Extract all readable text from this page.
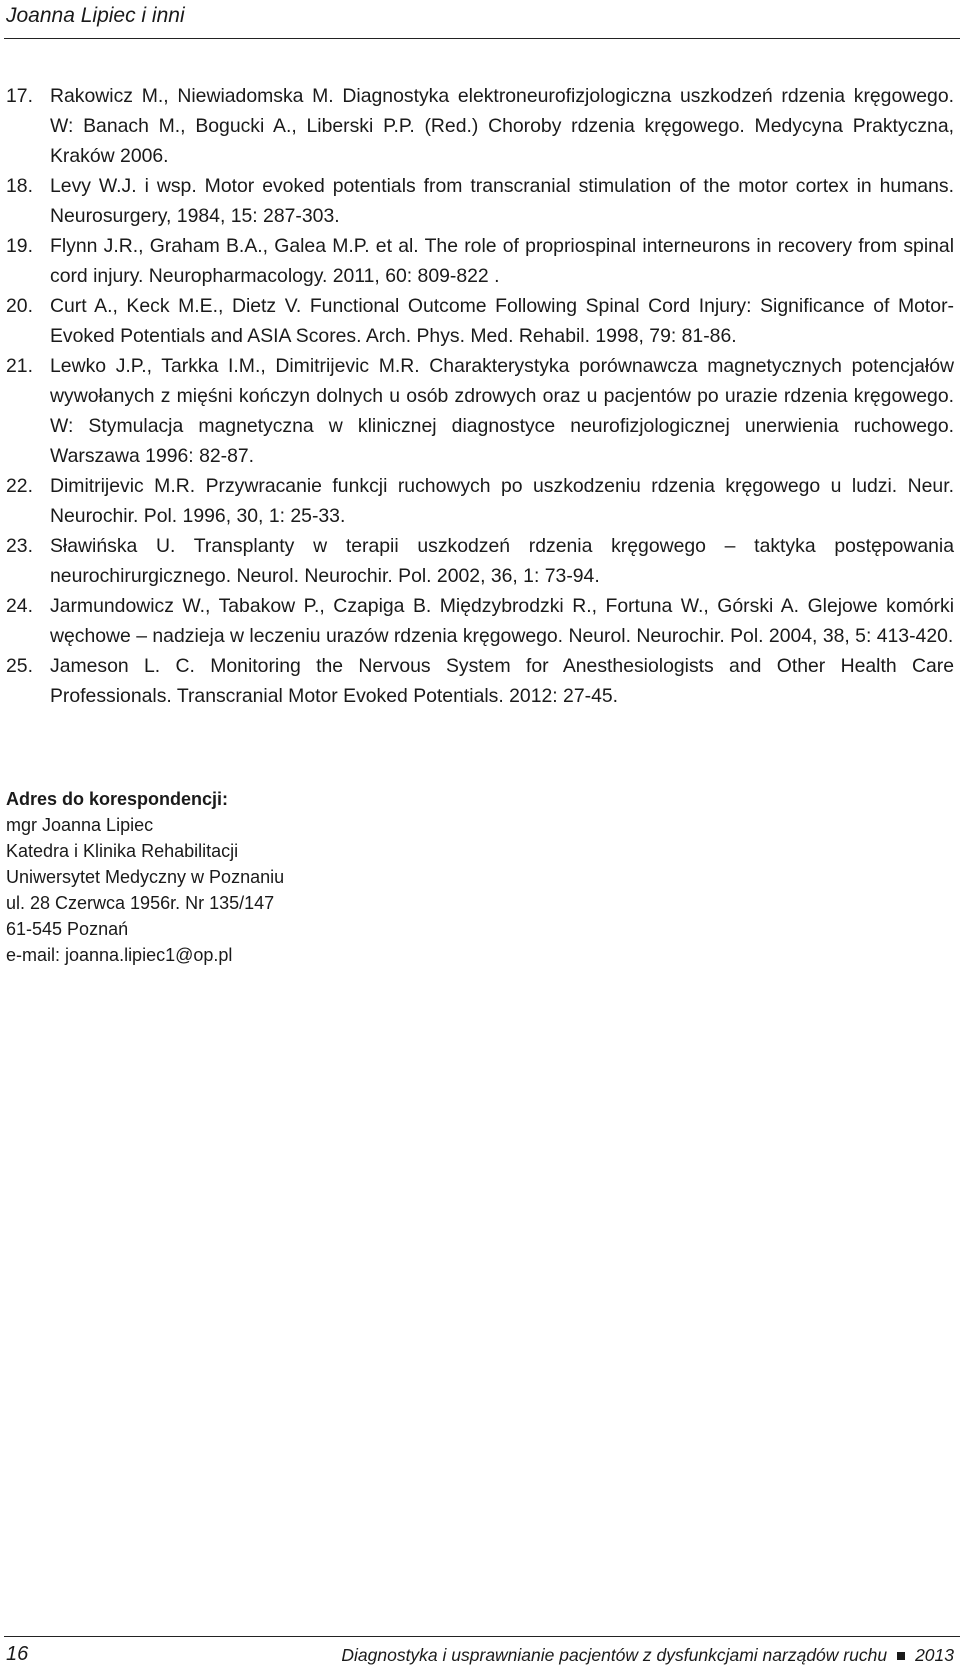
Joanna Lipiec i inni
17. Rakowicz M., Niewiadomska M. Diagnostyka elektroneurofizjologiczna uszkodzeń rdzenia kręgowego. W: Banach M., Bogucki A., Liberski P.P. (Red.) Choroby rdzenia kręgowego. Medycyna Praktyczna, Kraków 2006.
18. Levy W.J. i wsp. Motor evoked potentials from transcranial stimulation of the motor cortex in humans. Neurosurgery, 1984, 15: 287-303.
19. Flynn J.R., Graham B.A., Galea M.P. et al. The role of propriospinal interneurons in recovery from spinal cord injury. Neuropharmacology. 2011, 60: 809-822 .
20. Curt A., Keck M.E., Dietz V. Functional Outcome Following Spinal Cord Injury: Significance of Motor-Evoked Potentials and ASIA Scores. Arch. Phys. Med. Rehabil. 1998, 79: 81-86.
21. Lewko J.P., Tarkka I.M., Dimitrijevic M.R. Charakterystyka porównawcza magnetycznych potencjałów wywołanych z mięśni kończyn dolnych u osób zdrowych oraz u pacjentów po urazie rdzenia kręgowego. W: Stymulacja magnetyczna w klinicznej diagnostyce neurofizjologicznej unerwienia ruchowego. Warszawa 1996: 82-87.
22. Dimitrijevic M.R. Przywracanie funkcji ruchowych po uszkodzeniu rdzenia kręgowego u ludzi. Neur. Neurochir. Pol. 1996, 30, 1: 25-33.
23. Sławińska U. Transplanty w terapii uszkodzeń rdzenia kręgowego – taktyka postępowania neurochirurgicznego. Neurol. Neurochir. Pol. 2002, 36, 1: 73-94.
24. Jarmundowicz W., Tabakow P., Czapiga B. Międzybrodzki R., Fortuna W., Górski A. Glejowe komórki węchowe – nadzieja w leczeniu urazów rdzenia kręgowego. Neurol. Neurochir. Pol. 2004, 38, 5: 413-420.
25. Jameson L. C. Monitoring the Nervous System for Anesthesiologists and Other Health Care Professionals. Transcranial Motor Evoked Potentials. 2012: 27-45.
Adres do korespondencji:
mgr Joanna Lipiec
Katedra i Klinika Rehabilitacji
Uniwersytet Medyczny w Poznaniu
ul. 28 Czerwca 1956r. Nr 135/147
61-545 Poznań
e-mail: joanna.lipiec1@op.pl
16	Diagnostyka i usprawnianie pacjentów z dysfunkcjami narządów ruchu 2013
